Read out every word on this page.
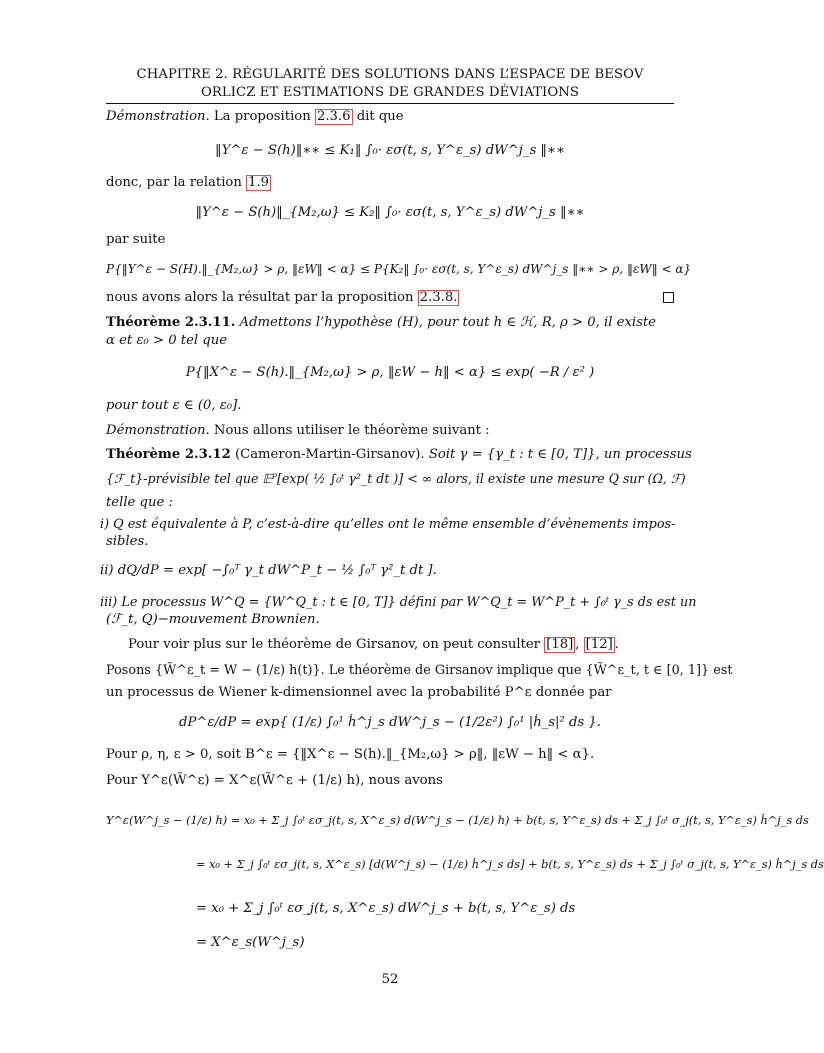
CHAPITRE 2. RÉGULARITÉ DES SOLUTIONS DANS L’ESPACE DE BESOV
ORLICZ ET ESTIMATIONS DE GRANDES DÉVIATIONS
Démonstration. La proposition 2.3.6 dit que
‖Y^ε − S(h)‖∗∗ ≤ K₁‖ ∫₀· εσ(t, s, Y^ε_s) dW^j_s ‖∗∗
donc, par la relation 1.9
‖Y^ε − S(h)‖_{M₂,ω} ≤ K₂‖ ∫₀· εσ(t, s, Y^ε_s) dW^j_s ‖∗∗
par suite
P{‖Y^ε − S(H).‖_{M₂,ω} > ρ, ‖εW‖ < α} ≤ P{K₂‖ ∫₀· εσ(t, s, Y^ε_s) dW^j_s ‖∗∗ > ρ, ‖εW‖ < α}
nous avons alors la résultat par la proposition 2.3.8.
Théorème 2.3.11. Admettons l’hypothèse (H), pour tout h ∈ ℋ, R, ρ > 0, il existe
α et ε₀ > 0 tel que
P{‖X^ε − S(h).‖_{M₂,ω} > ρ, ‖εW − h‖ < α} ≤ exp( −R / ε² )
pour tout ε ∈ (0, ε₀].
Démonstration. Nous allons utiliser le théorème suivant :
Théorème 2.3.12 (Cameron-Martin-Girsanov). Soit γ = {γ_t : t ∈ [0, T]}, un processus
{ℱ_t}-prévisible tel que 𝔼ᴾ[exp( ½ ∫₀ᵗ γ²_t dt )] < ∞ alors, il existe une mesure Q sur (Ω, ℱ)
telle que :
i) Q est équivalente à P, c’est-à-dire qu’elles ont le même ensemble d’évènements impos-
sibles.
ii) dQ/dP = exp[ −∫₀ᵀ γ_t dW^P_t − ½ ∫₀ᵀ γ²_t dt ].
iii) Le processus W^Q = {W^Q_t : t ∈ [0, T]} défini par W^Q_t = W^P_t + ∫₀ᵗ γ_s ds est un
(ℱ_t, Q)−mouvement Brownien.
Pour voir plus sur le théorème de Girsanov, on peut consulter [18] , [12] .
Posons {W̃^ε_t = W − (1/ε) h(t)}. Le théorème de Girsanov implique que {W̃^ε_t, t ∈ [0, 1]} est
un processus de Wiener k-dimensionnel avec la probabilité P^ε donnée par
dP^ε/dP = exp{ (1/ε) ∫₀¹ ḣ^j_s dW^j_s − (1/2ε²) ∫₀¹ |ḣ_s|² ds }.
Pour ρ, η, ε > 0, soit B^ε = {‖X^ε − S(h).‖_{M₂,ω} > ρ‖, ‖εW − h‖ < α}.
Pour Y^ε(W̃^ε) = X^ε(W̃^ε + (1/ε) h), nous avons
Y^ε(W^j_s − (1/ε) h) = x₀ + Σ_j ∫₀ᵗ εσ_j(t, s, X^ε_s) d(W^j_s − (1/ε) h) + b(t, s, Y^ε_s) ds + Σ_j ∫₀ᵗ σ_j(t, s, Y^ε_s) ḣ^j_s ds
= x₀ + Σ_j ∫₀ᵗ εσ_j(t, s, X^ε_s) [d(W^j_s) − (1/ε) ḣ^j_s ds] + b(t, s, Y^ε_s) ds + Σ_j ∫₀ᵗ σ_j(t, s, Y^ε_s) ḣ^j_s ds
= x₀ + Σ_j ∫₀ᵗ εσ_j(t, s, X^ε_s) dW^j_s + b(t, s, Y^ε_s) ds
= X^ε_s(W^j_s)
52
